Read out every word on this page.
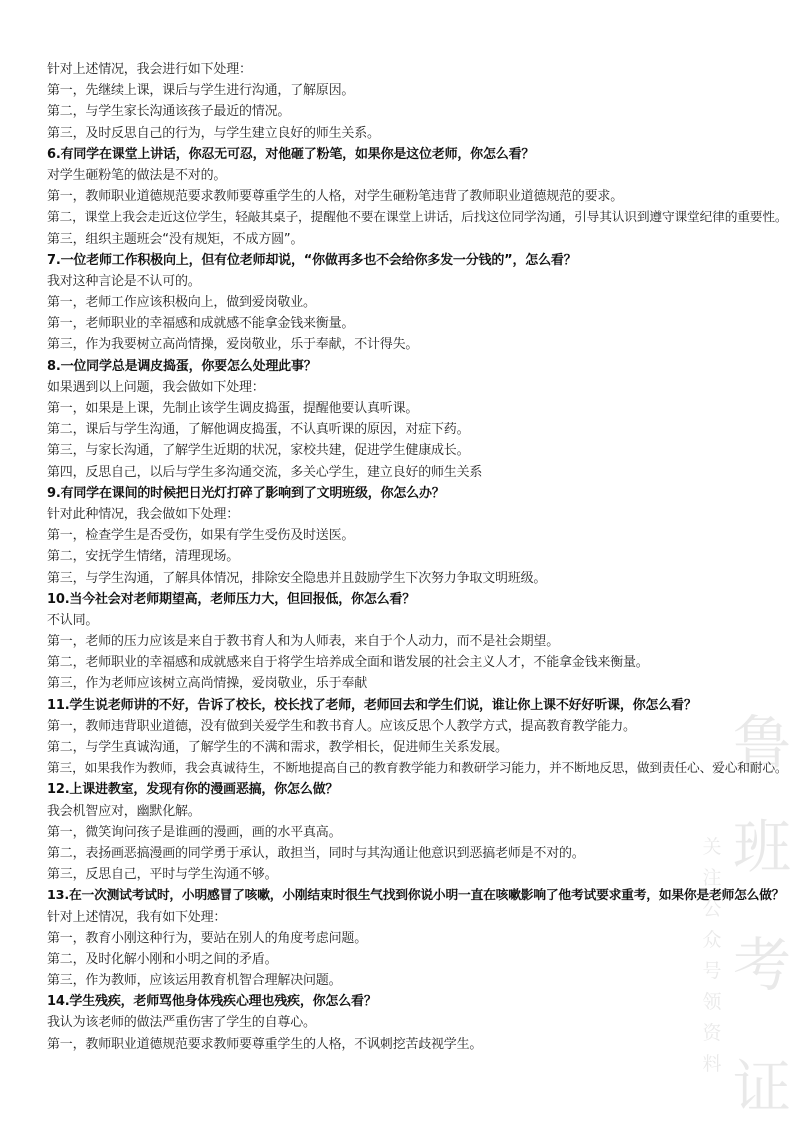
鲁
班
考
证
关
注
公
众
号
领
资
料
针对上述情况，我会进行如下处理：
第一，先继续上课，课后与学生进行沟通，了解原因。
第二，与学生家长沟通该孩子最近的情况。
第三，及时反思自己的行为，与学生建立良好的师生关系。
6.有同学在课堂上讲话，你忍无可忍，对他砸了粉笔，如果你是这位老师，你怎么看？
对学生砸粉笔的做法是不对的。
第一，教师职业道德规范要求教师要尊重学生的人格，对学生砸粉笔违背了教师职业道德规范的要求。
第二，课堂上我会走近这位学生，轻敲其桌子，提醒他不要在课堂上讲话，后找这位同学沟通，引导其认识到遵守课堂纪律的重要性。
第三，组织主题班会“没有规矩，不成方圆”。
7.一位老师工作积极向上，但有位老师却说，“你做再多也不会给你多发一分钱的”，怎么看？
我对这种言论是不认可的。
第一，老师工作应该积极向上，做到爱岗敬业。
第一，老师职业的幸福感和成就感不能拿金钱来衡量。
第三，作为我要树立高尚情操，爱岗敬业，乐于奉献，不计得失。
8.一位同学总是调皮捣蛋，你要怎么处理此事？
如果遇到以上问题，我会做如下处理：
第一，如果是上课，先制止该学生调皮捣蛋，提醒他要认真听课。
第二，课后与学生沟通，了解他调皮捣蛋，不认真听课的原因，对症下药。
第三，与家长沟通，了解学生近期的状况，家校共建，促进学生健康成长。
第四，反思自己，以后与学生多沟通交流，多关心学生，建立良好的师生关系
9.有同学在课间的时候把日光灯打碎了影响到了文明班级，你怎么办？
针对此种情况，我会做如下处理：
第一，检查学生是否受伤，如果有学生受伤及时送医。
第二，安抚学生情绪，清理现场。
第三，与学生沟通，了解具体情况，排除安全隐患并且鼓励学生下次努力争取文明班级。
10.当今社会对老师期望高，老师压力大，但回报低，你怎么看？
不认同。
第一，老师的压力应该是来自于教书育人和为人师表，来自于个人动力，而不是社会期望。
第二，老师职业的幸福感和成就感来自于将学生培养成全面和谐发展的社会主义人才，不能拿金钱来衡量。
第三，作为老师应该树立高尚情操，爱岗敬业，乐于奉献
11.学生说老师讲的不好，告诉了校长，校长找了老师，老师回去和学生们说，谁让你上课不好好听课，你怎么看？
第一，教师违背职业道德，没有做到关爱学生和教书育人。应该反思个人教学方式，提高教育教学能力。
第二，与学生真诚沟通，了解学生的不满和需求，教学相长，促进师生关系发展。
第三，如果我作为教师，我会真诚待生，不断地提高自己的教育教学能力和教研学习能力，并不断地反思，做到责任心、爱心和耐心。
12.上课进教室，发现有你的漫画恶搞，你怎么做？
我会机智应对，幽默化解。
第一，微笑询问孩子是谁画的漫画，画的水平真高。
第二，表扬画恶搞漫画的同学勇于承认，敢担当，同时与其沟通让他意识到恶搞老师是不对的。
第三，反思自己，平时与学生沟通不够。
13.在一次测试考试时，小明感冒了咳嗽，小刚结束时很生气找到你说小明一直在咳嗽影响了他考试要求重考，如果你是老师怎么做？
针对上述情况，我有如下处理：
第一，教育小刚这种行为，要站在别人的角度考虑问题。
第二，及时化解小刚和小明之间的矛盾。
第三，作为教师，应该运用教育机智合理解决问题。
14.学生残疾，老师骂他身体残疾心理也残疾，你怎么看？
我认为该老师的做法严重伤害了学生的自尊心。
第一，教师职业道德规范要求教师要尊重学生的人格，不讽刺挖苦歧视学生。
